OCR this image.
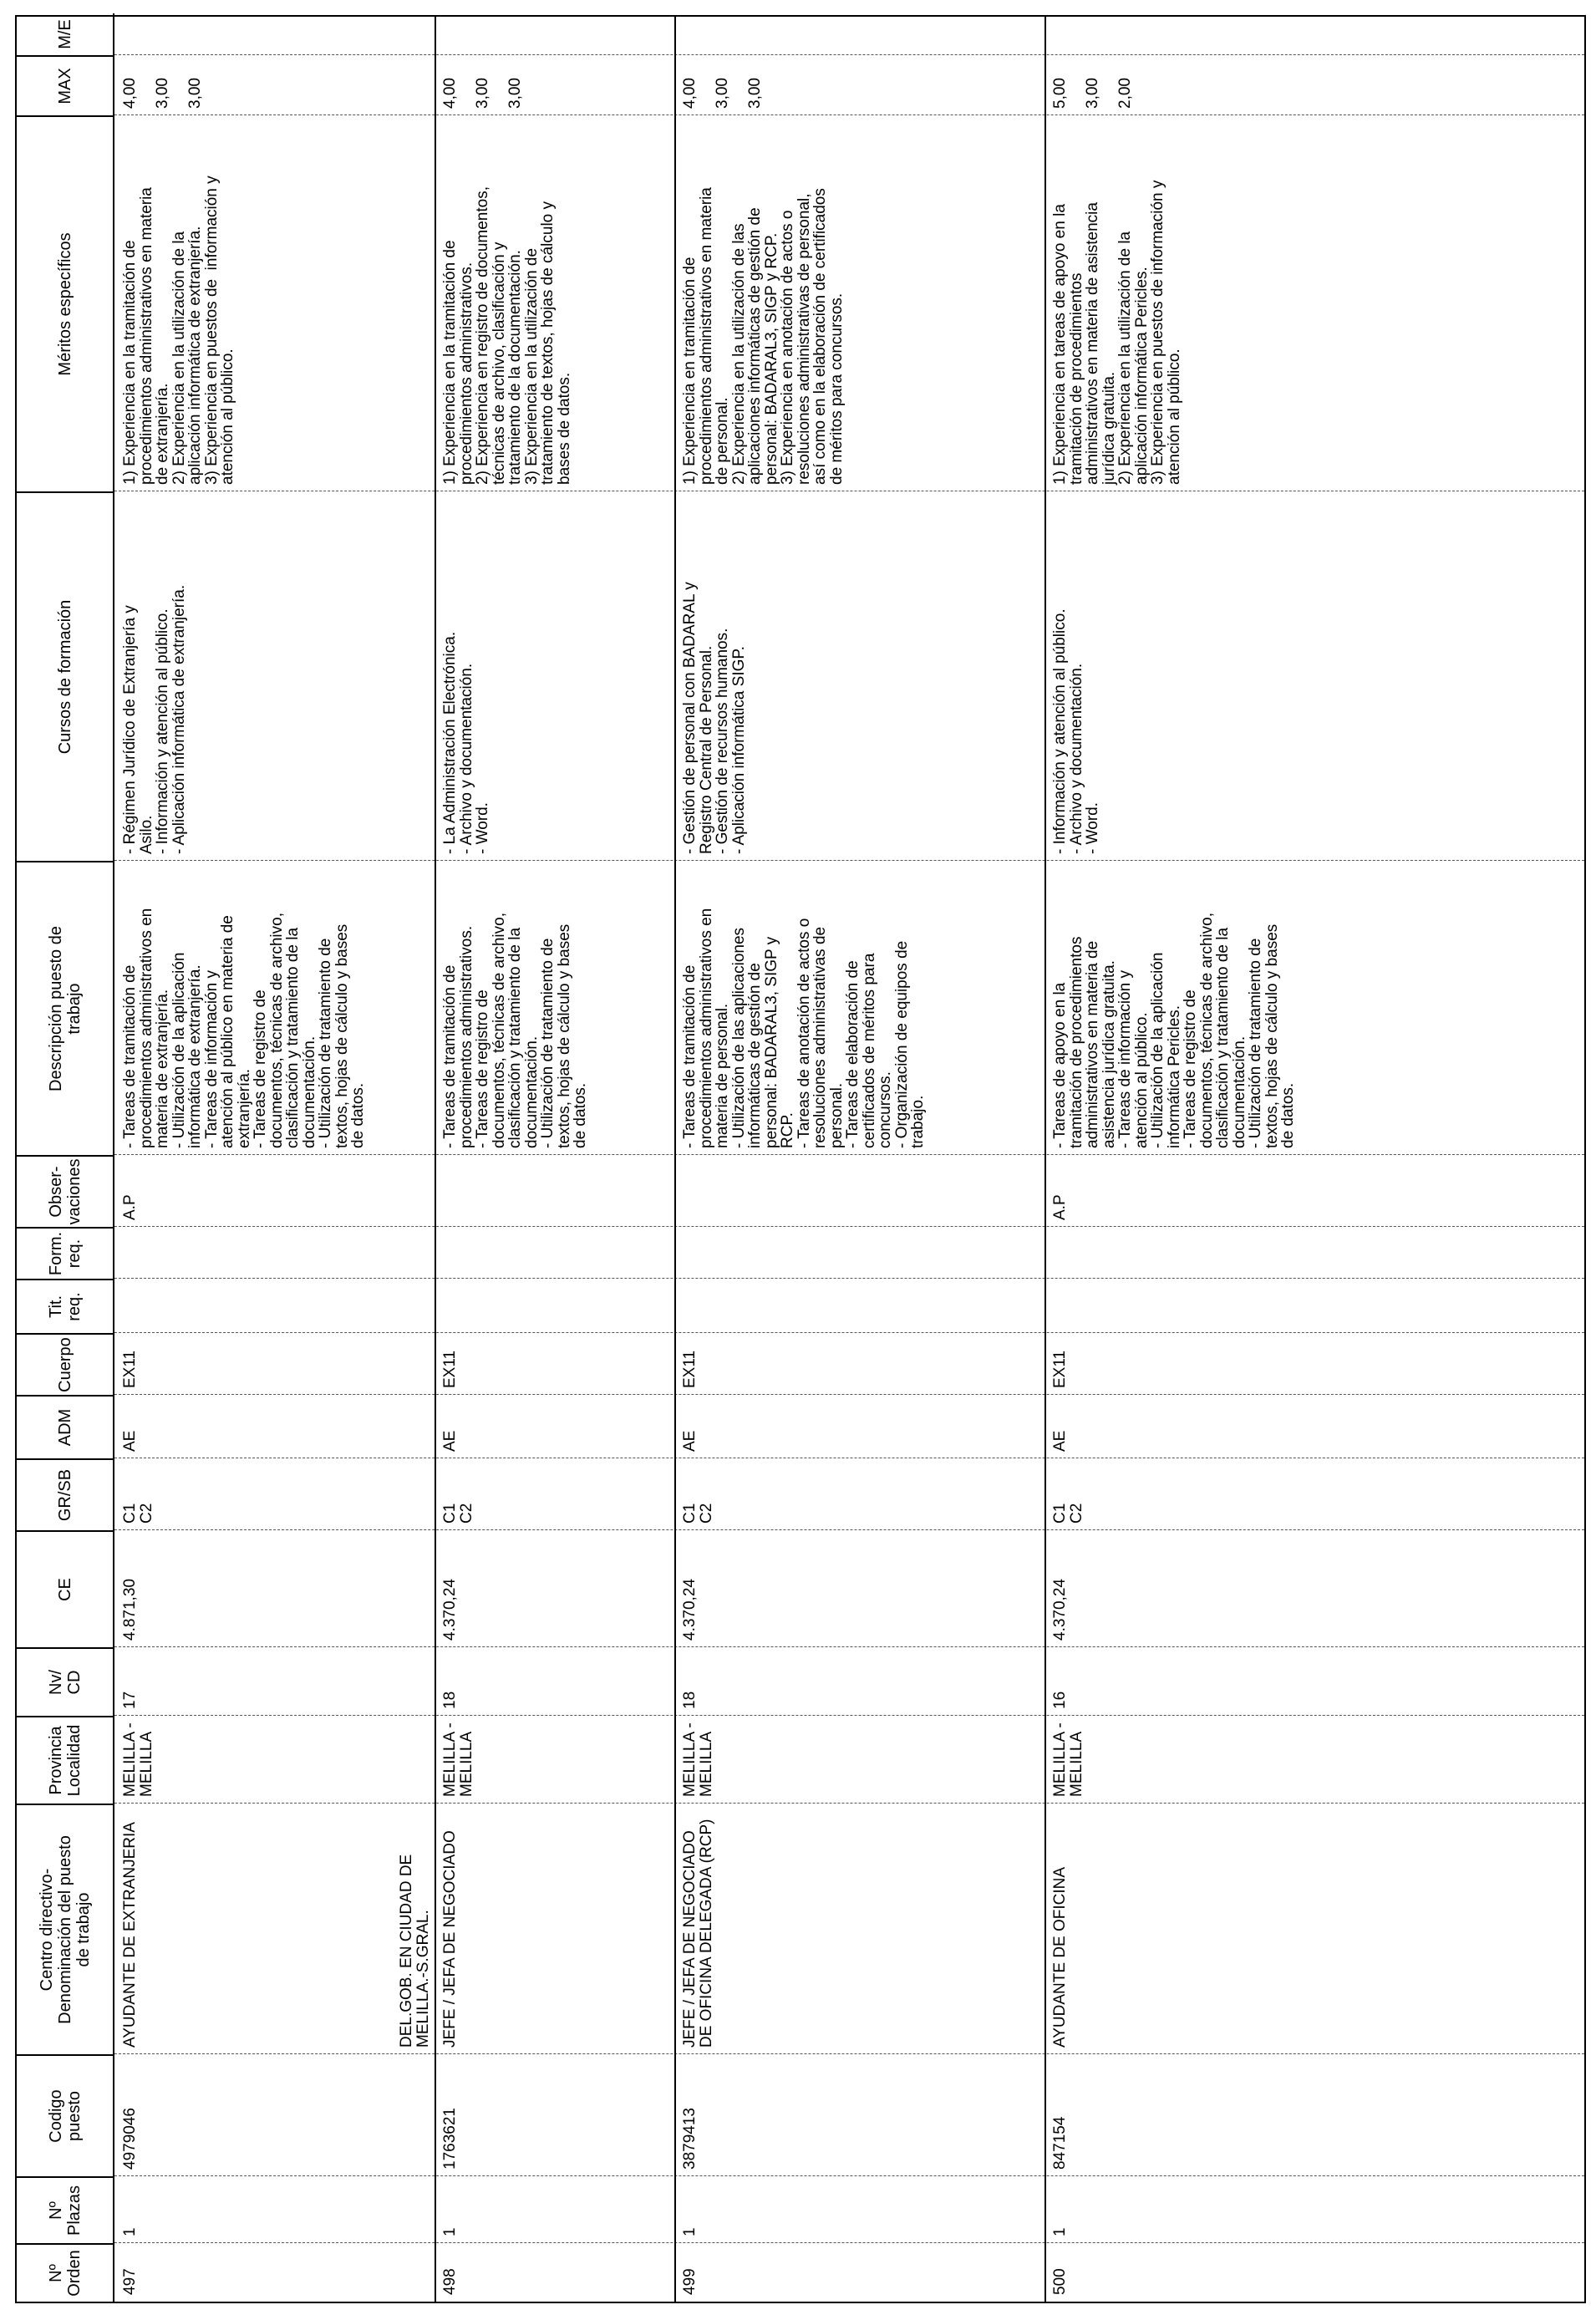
Nº
Orden
Nº
Plazas
Codigo
puesto
Centro directivo-
Denominación del puesto
de trabajo
Provincia
Localidad
Nv/
CD
CE
GR/SB
ADM
Cuerpo
Tit.
req.
Form.
req.
Obser-
vaciones
Descripción puesto de
trabajo
Cursos de formación
Méritos específicos
MAX
M/E
497
1
4979046
AYUDANTE DE EXTRANJERIA
MELILLA -
MELILLA
17
4.871,30
C1
C2
AE
EX11
A.P
- Tareas de tramitación de
procedimientos administrativos en
materia de extranjería.
- Utilización de la aplicación
informática de extranjería.
- Tareas de información y
atención al público en materia de
extranjería.
- Tareas de registro de
documentos, técnicas de archivo,
clasificación y tratamiento de la
documentación.
- Utilización de tratamiento de
textos, hojas de cálculo y bases
de datos.
- Régimen Jurídico de Extranjería y
Asilo.
- Información y atención al público.
- Aplicación informática de extranjería.
1) Experiencia en la tramitación de
procedimientos administrativos en materia
de extranjería.
2) Experiencia en la utilización de la
aplicación informática de extranjería.
3) Experiencia en puestos de  información y
atención al público.
4,00

3,00

3,00
498
1
1763621
JEFE / JEFA DE NEGOCIADO
MELILLA -
MELILLA
18
4.370,24
C1
C2
AE
EX11
- Tareas de tramitación de
procedimientos administrativos.
- Tareas de registro de
documentos, técnicas de archivo,
clasificación y tratamiento de la
documentación.
- Utilización de tratamiento de
textos, hojas de cálculo y bases
de datos.
- La Administración Electrónica.
- Archivo y documentación.
- Word.
1) Experiencia en la tramitación de
procedimientos administrativos.
2) Experiencia en registro de documentos,
técnicas de archivo, clasificación y
tratamiento de la documentación.
3) Experiencia en la utilización de
tratamiento de textos, hojas de cálculo y
bases de datos.
4,00

3,00

3,00
DEL.GOB. EN CIUDAD DE
MELILLA.-S.GRAL.
499
1
3879413
JEFE / JEFA DE NEGOCIADO
DE OFICINA DELEGADA (RCP)
MELILLA -
MELILLA
18
4.370,24
C1
C2
AE
EX11
- Tareas de tramitación de
procedimientos administrativos en
materia de personal.
- Utilización de las aplicaciones
informáticas de gestión de
personal: BADARAL3, SIGP y
RCP.
- Tareas de anotación de actos o
resoluciones administrativas de
personal.
- Tareas de elaboración de
certificados de méritos para
concursos.
- Organización de equipos de
trabajo.
- Gestión de personal con BADARAL y
Registro Central de Personal.
- Gestión de recursos humanos.
- Aplicación informática SIGP.
1) Experiencia en tramitación de
procedimientos administrativos en materia
de personal.
2) Experiencia en la utilización de las
aplicaciones informáticas de gestión de
personal: BADARAL3, SIGP y RCP.
3) Experiencia en anotación de actos o
resoluciones administrativas de personal,
así como en la elaboración de certificados
de méritos para concursos.
4,00

3,00

3,00
500
1
847154
AYUDANTE DE OFICINA
MELILLA -
MELILLA
16
4.370,24
C1
C2
AE
EX11
A.P
- Tareas de apoyo en la
tramitación de procedimientos
administrativos en materia de
asistencia jurídica gratuita.
- Tareas de información y
atención al público.
- Utilización de la aplicación
informática Pericles.
- Tareas de registro de
documentos, técnicas de archivo,
clasificación y tratamiento de la
documentación.
- Utilización de tratamiento de
textos, hojas de cálculo y bases
de datos.
- Información y atención al público.
- Archivo y documentación.
- Word.
1) Experiencia en tareas de apoyo en la
tramitación de procedimientos
administrativos en materia de asistencia
jurídica gratuita.
2) Experiencia en la utilización de la
aplicación informática Pericles.
3) Experiencia en puestos de información y
atención al público.
5,00

3,00

2,00
